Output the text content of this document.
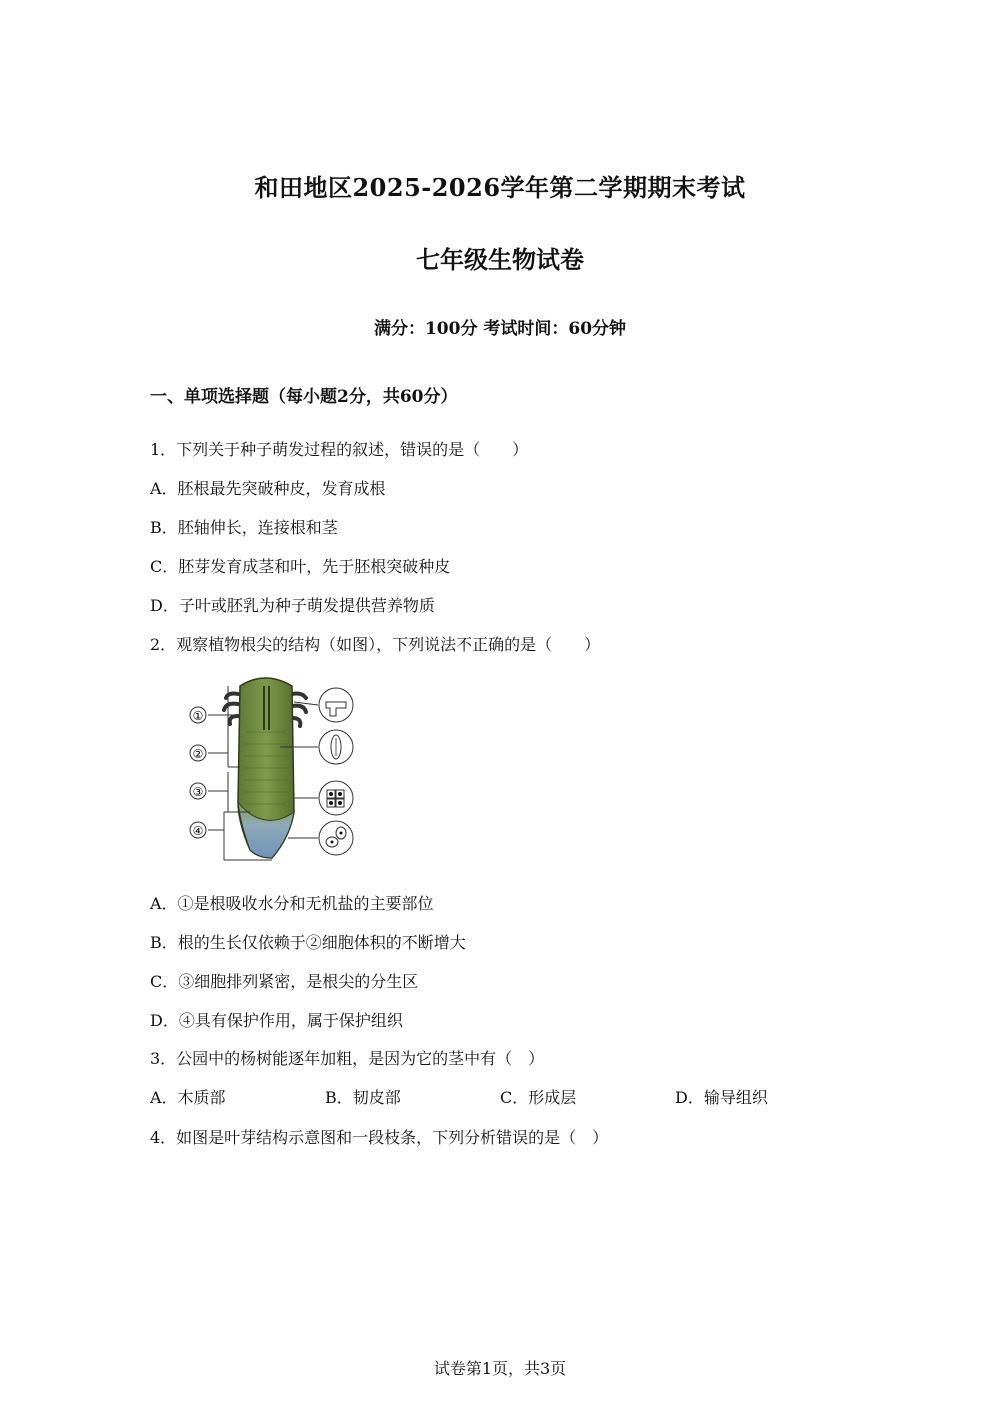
和田地区2025-2026学年第二学期期末考试
七年级生物试卷
满分：100分 考试时间：60分钟
一、单项选择题（每小题2分，共60分）
1．下列关于种子萌发过程的叙述，错误的是（　　）
A．胚根最先突破种皮，发育成根
B．胚轴伸长，连接根和茎
C．胚芽发育成茎和叶，先于胚根突破种皮
D．子叶或胚乳为种子萌发提供营养物质
2．观察植物根尖的结构（如图），下列说法不正确的是（　　）
①
②
③
④
A．①是根吸收水分和无机盐的主要部位
B．根的生长仅依赖于②细胞体积的不断增大
C．③细胞排列紧密，是根尖的分生区
D．④具有保护作用，属于保护组织
3．公园中的杨树能逐年加粗，是因为它的茎中有（　）
A．木质部	B．韧皮部	C．形成层	D．输导组织
4．如图是叶芽结构示意图和一段枝条，下列分析错误的是（　）
试卷第1页，共3页
